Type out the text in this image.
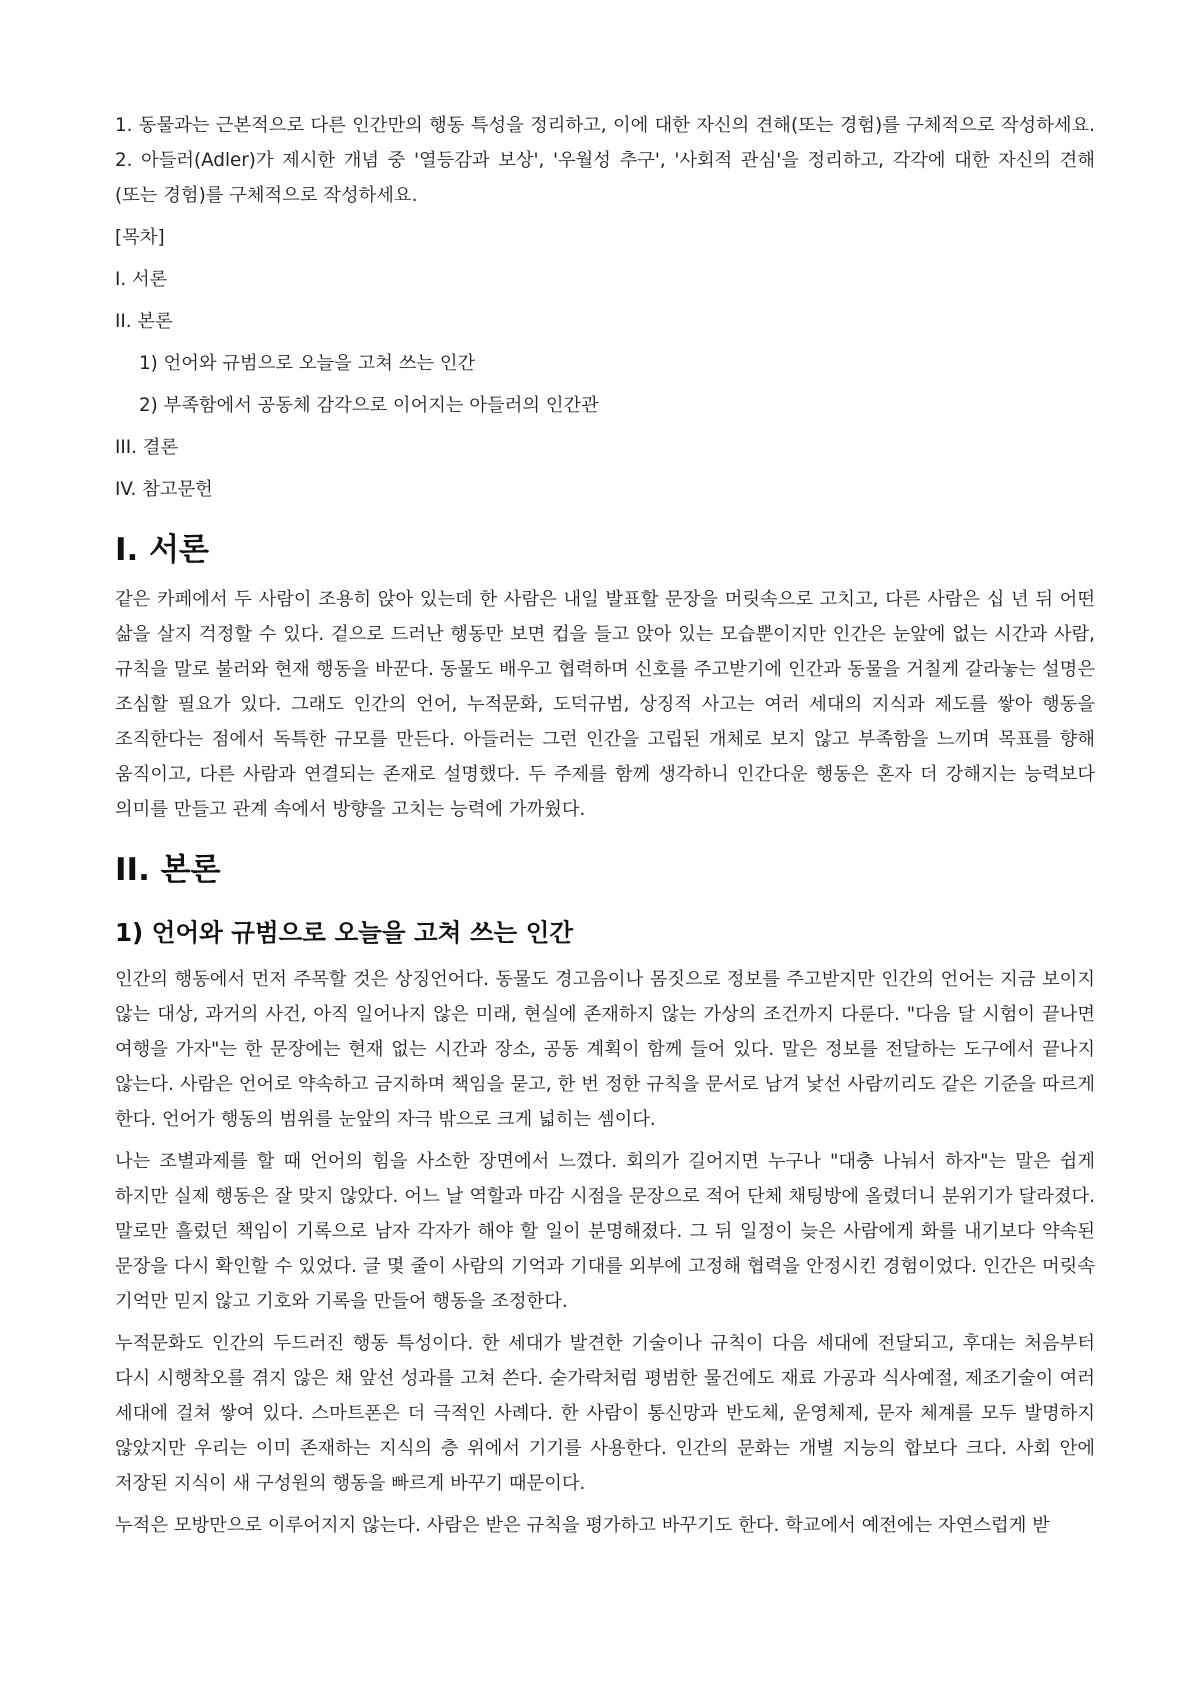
1. 동물과는 근본적으로 다른 인간만의 행동 특성을 정리하고, 이에 대한 자신의 견해(또는 경험)를 구체적으로 작성하세요. 2. 아들러(Adler)가 제시한 개념 중 '열등감과 보상', '우월성 추구', '사회적 관심'을 정리하고, 각각에 대한 자신의 견해(또는 경험)를 구체적으로 작성하세요.

[목차]

I. 서론

II. 본론

1) 언어와 규범으로 오늘을 고쳐 쓰는 인간

2) 부족함에서 공동체 감각으로 이어지는 아들러의 인간관

III. 결론

IV. 참고문헌

I. 서론

같은 카페에서 두 사람이 조용히 앉아 있는데 한 사람은 내일 발표할 문장을 머릿속으로 고치고, 다른 사람은 십 년 뒤 어떤 삶을 살지 걱정할 수 있다. 겉으로 드러난 행동만 보면 컵을 들고 앉아 있는 모습뿐이지만 인간은 눈앞에 없는 시간과 사람, 규칙을 말로 불러와 현재 행동을 바꾼다. 동물도 배우고 협력하며 신호를 주고받기에 인간과 동물을 거칠게 갈라놓는 설명은 조심할 필요가 있다. 그래도 인간의 언어, 누적문화, 도덕규범, 상징적 사고는 여러 세대의 지식과 제도를 쌓아 행동을 조직한다는 점에서 독특한 규모를 만든다. 아들러는 그런 인간을 고립된 개체로 보지 않고 부족함을 느끼며 목표를 향해 움직이고, 다른 사람과 연결되는 존재로 설명했다. 두 주제를 함께 생각하니 인간다운 행동은 혼자 더 강해지는 능력보다 의미를 만들고 관계 속에서 방향을 고치는 능력에 가까웠다.

II. 본론
1) 언어와 규범으로 오늘을 고쳐 쓰는 인간

인간의 행동에서 먼저 주목할 것은 상징언어다. 동물도 경고음이나 몸짓으로 정보를 주고받지만 인간의 언어는 지금 보이지 않는 대상, 과거의 사건, 아직 일어나지 않은 미래, 현실에 존재하지 않는 가상의 조건까지 다룬다. "다음 달 시험이 끝나면 여행을 가자"는 한 문장에는 현재 없는 시간과 장소, 공동 계획이 함께 들어 있다. 말은 정보를 전달하는 도구에서 끝나지 않는다. 사람은 언어로 약속하고 금지하며 책임을 묻고, 한 번 정한 규칙을 문서로 남겨 낯선 사람끼리도 같은 기준을 따르게 한다. 언어가 행동의 범위를 눈앞의 자극 밖으로 크게 넓히는 셈이다.

나는 조별과제를 할 때 언어의 힘을 사소한 장면에서 느꼈다. 회의가 길어지면 누구나 "대충 나눠서 하자"는 말은 쉽게 하지만 실제 행동은 잘 맞지 않았다. 어느 날 역할과 마감 시점을 문장으로 적어 단체 채팅방에 올렸더니 분위기가 달라졌다. 말로만 흘렀던 책임이 기록으로 남자 각자가 해야 할 일이 분명해졌다. 그 뒤 일정이 늦은 사람에게 화를 내기보다 약속된 문장을 다시 확인할 수 있었다. 글 몇 줄이 사람의 기억과 기대를 외부에 고정해 협력을 안정시킨 경험이었다. 인간은 머릿속 기억만 믿지 않고 기호와 기록을 만들어 행동을 조정한다.

누적문화도 인간의 두드러진 행동 특성이다. 한 세대가 발견한 기술이나 규칙이 다음 세대에 전달되고, 후대는 처음부터 다시 시행착오를 겪지 않은 채 앞선 성과를 고쳐 쓴다. 숟가락처럼 평범한 물건에도 재료 가공과 식사예절, 제조기술이 여러 세대에 걸쳐 쌓여 있다. 스마트폰은 더 극적인 사례다. 한 사람이 통신망과 반도체, 운영체제, 문자 체계를 모두 발명하지 않았지만 우리는 이미 존재하는 지식의 층 위에서 기기를 사용한다. 인간의 문화는 개별 지능의 합보다 크다. 사회 안에 저장된 지식이 새 구성원의 행동을 빠르게 바꾸기 때문이다.

누적은 모방만으로 이루어지지 않는다. 사람은 받은 규칙을 평가하고 바꾸기도 한다. 학교에서 예전에는 자연스럽게 받
